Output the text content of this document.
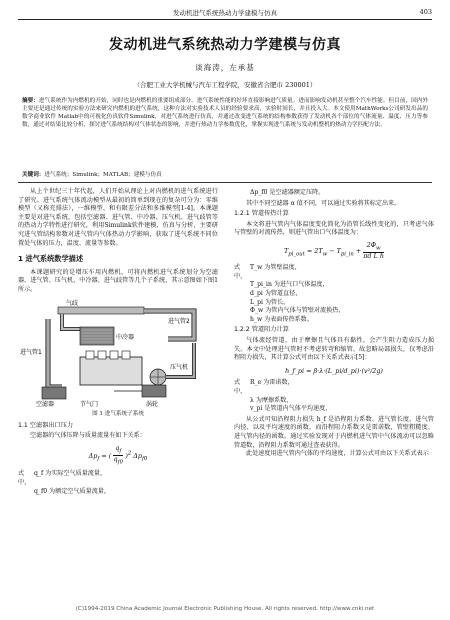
发动机进气系统热动力学建模与仿真	403
发动机进气系统热动力学建模与仿真
谈海涛，左承基
（合肥工业大学机械与汽车工程学院，安徽省合肥市 230001）
摘要：进气系统作为内燃机的开始，同时也是内燃机的重要组成部分，进气系统性能的好坏直接影响进气质量。进而影响发动机甚至整个汽车性能。但目前，国内外主要还是通过传统的实验方法来研究内燃机的进气系统，这种方法对实验技术人员的经验要求高，实验时间长，并且投入大。本文使用MathWorks公司研发出品的数学商业软件 Matlab中的可视化仿真软件Simulink，对进气系统进行仿真，并通过改变进气系统的结构参数获得了发动机各个部位的气体流量、温度、压力等参数，通过对结果比较分析，探讨进气系统结构对气体状态的影响，并进行热动力学参数优化，掌握实现进气系统与发动机整机的热动力学匹配方法。
关键词：进气系统；Simulink；MATLAB；建模与仿真

从上个世纪三十年代起，人们开始从理论上对内燃机的进气系统进行了研究。进气系统气体流动模型从最初的简单到现在的复杂可分为：零维模型（又称充排法），一维模型、和有限差分法和多维模型[1-4]。本课题主要是对进气系统，包括空滤器、进气管、中冷器、压气机、进气歧管等的热动力学特性进行研究，利用Simulink软件建模、仿真与分析，主要研究进气管结构参数对进气管内气体热动力学影响，获取了进气系统不同位置处气体的压力，温度、流量等参数。

1 进气系统数学描述

本课题研究的是增压车用内燃机，可将内燃机进气系统划分为空滤器、进气管、压气机、中冷器、进气歧管等几个子系统，其示意图如下图1所示。

气歧
中冷器
进气管1
进气管2
压气机
空滤器	节气门	涡轮
图 1 进气系统子系统
1.1 空滤器出口压力

空滤器的气体压降与质量流量有如下关系：

$\Delta p_f$ = ( $\frac{q_f}{q_{f0}} )^2$ $\Delta p_{f0}$
式中，
q_f 为实际空气质量流量，
q_f0 为额定空气质量流量，
Δp_f0 是空滤器额定压降。

其中不同空滤器 α 值不同，可以通过实验将其标定出来。

1.2.1 管道传热计算

本文将进气管内气体温度变化简化为沿管长线性变化的，只考虑气体与管壁的对流传热，则进气管出口气体温度为：

$T_{pi\_out} = 2T_w - T_{pi\_in} + \frac{2\Phi_w}{\text{πd L h}}$
式中，
T_w 为管壁温度，
T_pi_in 为进气口气体温度，
d_pi 为管道直径，
L_pi 为管长，
Φ_w 为管内气体与管壁对流换热，
h_w 为表面传热系数。
1.2.2 管道阻力计算

气体流经管道，由于摩擦且气体具有黏性，会产生阻力造成压力损失。本文中处理进气管时不考虑转弯和缩管、故忽略局部损失，仅考虑沿程阻力损失，其计算公式可由以下关系式表示[5]：

h_f_pi = β·λ·(L_pi/d_pi)·(v²/2g)
式中，
R_e 为雷诺数，
λ 为摩擦系数，
v_pi 是管道内气体平均速度，

从公式可知沿程阻力损失 h_f 是沿程阻力系数、进气管长度、进气管内径、以及平均速度的函数，而沿程阻力系数又是雷诺数、管壁粗糙度、进气管内径的函数。通过实验发现对于内燃机进气管中气体流动可以忽略管道数，沿程阻力系数可通过查表获得。

此处速度用进气管内气体的平均速度，计算公式可由以下关系式表示

(C)1994-2019 China Academic Journal Electronic Publishing House. All rights reserved. http://www.cnki.net
